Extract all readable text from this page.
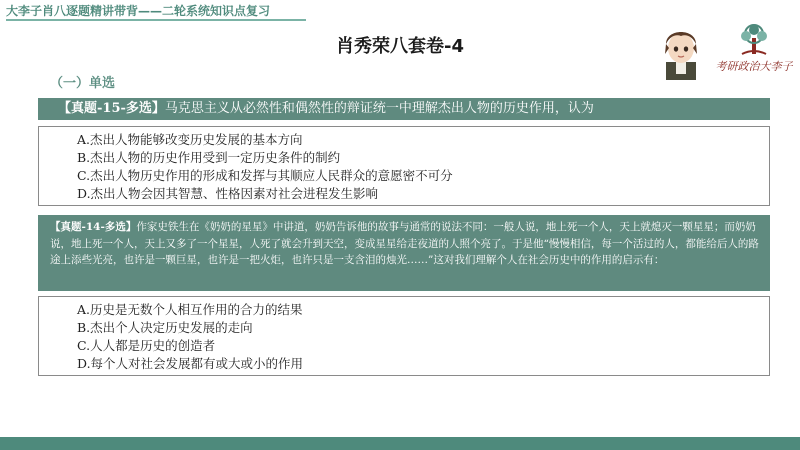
大李子肖八逐题精讲带背——二轮系统知识点复习
肖秀荣八套卷-4
考研政治大李子
（一）单选
【真题-15-多选】马克思主义从必然性和偶然性的辩证统一中理解杰出人物的历史作用，认为
A.杰出人物能够改变历史发展的基本方向
B.杰出人物的历史作用受到一定历史条件的制约
C.杰出人物历史作用的形成和发挥与其顺应人民群众的意愿密不可分
D.杰出人物会因其智慧、性格因素对社会进程发生影响
【真题-14-多选】作家史铁生在《奶奶的星星》中讲道，奶奶告诉他的故事与通常的说法不同：一般人说，地上死一个人，天上就熄灭一颗星星；而奶奶说，地上死一个人，天上又多了一个星星，人死了就会升到天空，变成星星给走夜道的人照个亮了。于是他“慢慢相信，每一个活过的人，都能给后人的路途上添些光亮，也许是一颗巨星，也许是一把火炬，也许只是一支含泪的烛光……”这对我们理解个人在社会历史中的作用的启示有：
A.历史是无数个人相互作用的合力的结果
B.杰出个人决定历史发展的走向
C.人人都是历史的创造者
D.每个人对社会发展都有或大或小的作用
